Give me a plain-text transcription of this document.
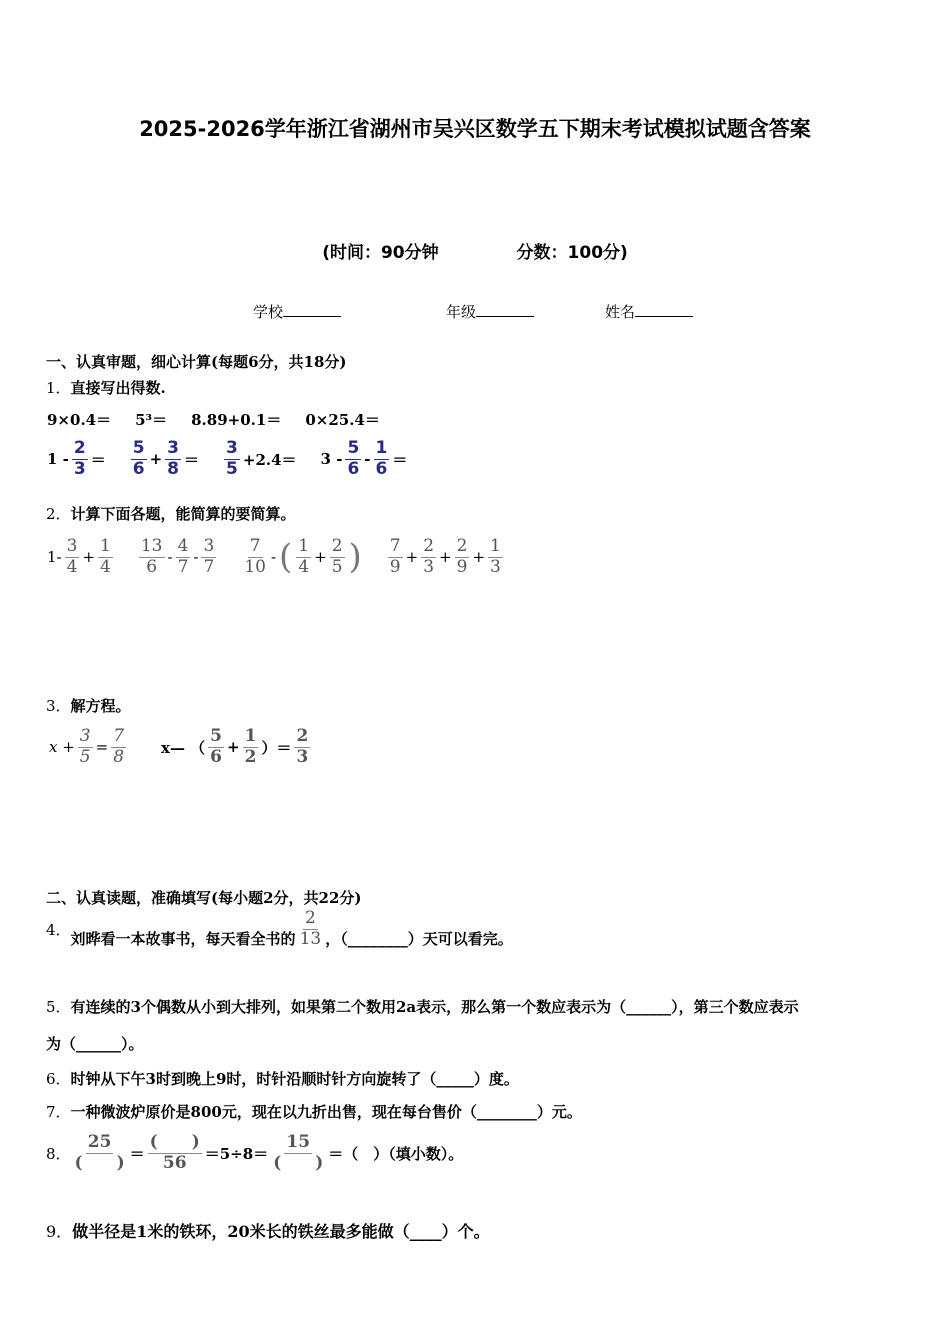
2025-2026学年浙江省湖州市吴兴区数学五下期末考试模拟试题含答案
(时间：90分钟	分数：100分)
学校	年级	姓名
一、认真审题，细心计算(每题6分，共18分)
1．直接写出得数.
9×0.4＝ 5³＝ 8.89+0.1＝ 0×25.4＝
$1 - \frac{2}{3} = \frac{5}{6} + \frac{3}{8} = \frac{3}{5} +2.4= 3 - \frac{5}{6} - \frac{1}{6}$ ＝
2．计算下面各题，能简算的要简算。
$1- \frac{3}{4} + \frac{1}{4} \frac{13}{6} - \frac{4}{7} - \frac{3}{7} \frac{7}{10}$ - ( $\frac{1}{4} + \frac{2}{5}$ ) $\frac{7}{9} + \frac{2}{3} + \frac{2}{9} + \frac{1}{3}$
3．解方程。
$x + \frac{3}{5} = \frac{7}{8}$ x— （ $\frac{5}{6} + \frac{1}{2}$ ）＝ $\frac{2}{3}$
二、认真读题，准确填写(每小题2分，共22分)
4． 刘晔看一本故事书，每天看全书的 $\frac{2}{13}$ ，（________）天可以看完。
5．有连续的3个偶数从小到大排列，如果第二个数用2a表示，那么第一个数应表示为（______），第三个数应表示
为（______）。
6．时钟从下午3时到晚上9时，时针沿顺时针方向旋转了（_____）度。
7．一种微波炉原价是800元，现在以九折出售，现在每台售价（________）元。
8． $\frac{25}{( )} = \frac{( )}{56} =5\div 8= \frac{15}{( )}$ ＝（　）（填小数）。
9．做半径是1米的铁环，20米长的铁丝最多能做（____）个。
